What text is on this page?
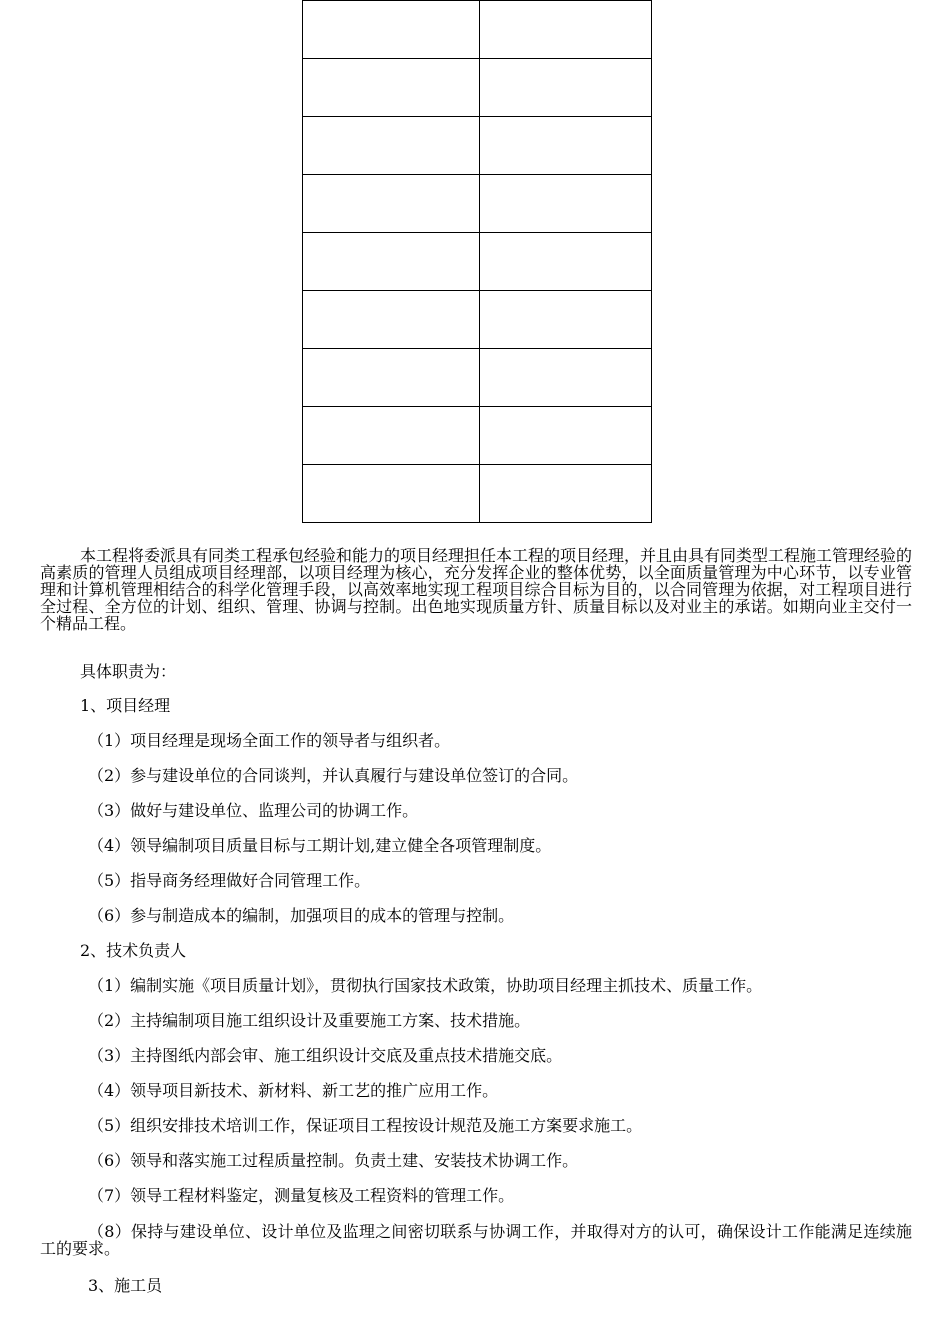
本工程将委派具有同类工程承包经验和能力的项目经理担任本工程的项目经理，并且由具有同类型工程施工管理经验的高素质的管理人员组成项目经理部，以项目经理为核心，充分发挥企业的整体优势，以全面质量管理为中心环节，以专业管理和计算机管理相结合的科学化管理手段，以高效率地实现工程项目综合目标为目的，以合同管理为依据，对工程项目进行全过程、全方位的计划、组织、管理、协调与控制。出色地实现质量方针、质量目标以及对业主的承诺。如期向业主交付一个精品工程。

具体职责为：

1、项目经理

（1）项目经理是现场全面工作的领导者与组织者。

（2）参与建设单位的合同谈判，并认真履行与建设单位签订的合同。

（3）做好与建设单位、监理公司的协调工作。

（4）领导编制项目质量目标与工期计划,建立健全各项管理制度。

（5）指导商务经理做好合同管理工作。

（6）参与制造成本的编制，加强项目的成本的管理与控制。

2、技术负责人

（1）编制实施《项目质量计划》，贯彻执行国家技术政策，协助项目经理主抓技术、质量工作。

（2）主持编制项目施工组织设计及重要施工方案、技术措施。

（3）主持图纸内部会审、施工组织设计交底及重点技术措施交底。

（4）领导项目新技术、新材料、新工艺的推广应用工作。

（5）组织安排技术培训工作，保证项目工程按设计规范及施工方案要求施工。

（6）领导和落实施工过程质量控制。负责土建、安装技术协调工作。

（7）领导工程材料鉴定，测量复核及工程资料的管理工作。

（8）保持与建设单位、设计单位及监理之间密切联系与协调工作，并取得对方的认可，确保设计工作能满足连续施工的要求。

3、施工员
